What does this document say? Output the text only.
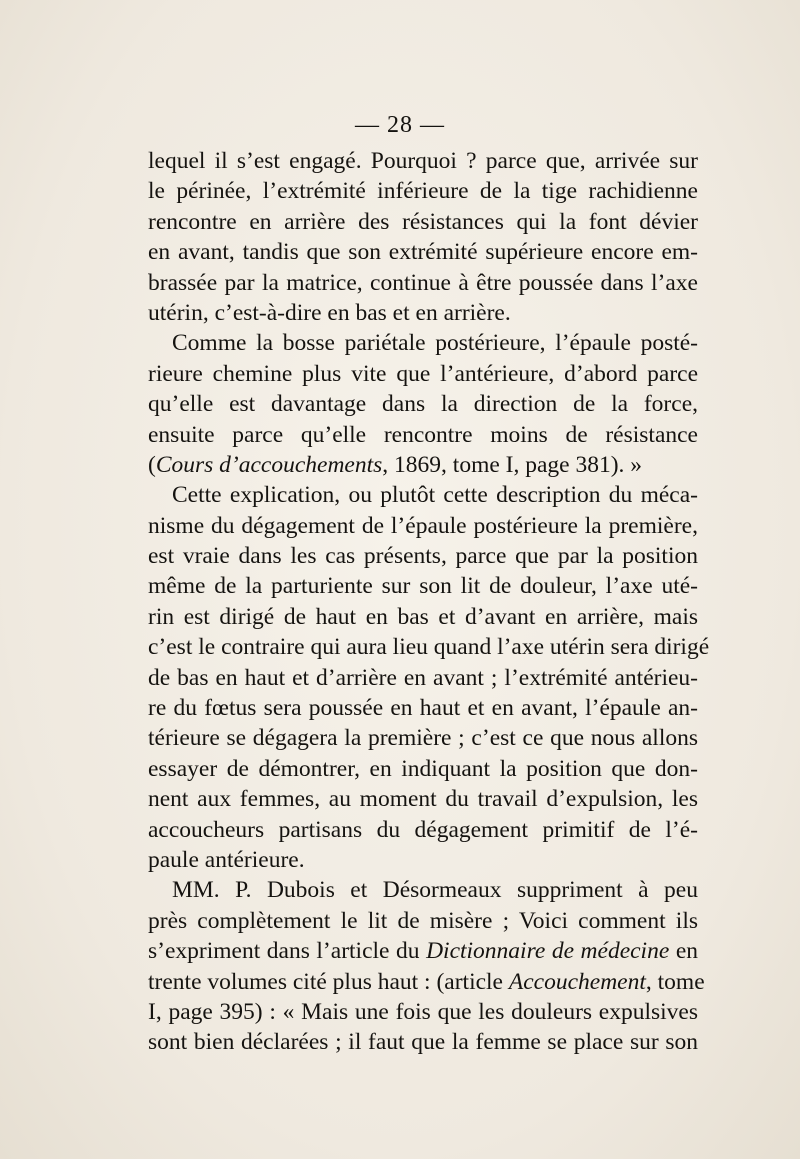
— 28 —
lequel il s’est engagé. Pourquoi ? parce que, arrivée sur
le périnée, l’extrémité inférieure de la tige rachidienne
rencontre en arrière des résistances qui la font dévier
en avant, tandis que son extrémité supérieure encore em-
brassée par la matrice, continue à être poussée dans l’axe
utérin, c’est-à-dire en bas et en arrière.
Comme la bosse pariétale postérieure, l’épaule posté-
rieure chemine plus vite que l’antérieure, d’abord parce
qu’elle est davantage dans la direction de la force,
ensuite parce qu’elle rencontre moins de résistance
(Cours d’accouchements, 1869, tome I, page 381). »
Cette explication, ou plutôt cette description du méca-
nisme du dégagement de l’épaule postérieure la première,
est vraie dans les cas présents, parce que par la position
même de la parturiente sur son lit de douleur, l’axe uté-
rin est dirigé de haut en bas et d’avant en arrière, mais
c’est le contraire qui aura lieu quand l’axe utérin sera dirigé
de bas en haut et d’arrière en avant ; l’extrémité antérieu-
re du fœtus sera poussée en haut et en avant, l’épaule an-
térieure se dégagera la première ; c’est ce que nous allons
essayer de démontrer, en indiquant la position que don-
nent aux femmes, au moment du travail d’expulsion, les
accoucheurs partisans du dégagement primitif de l’é-
paule antérieure.
MM. P. Dubois et Désormeaux suppriment à peu
près complètement le lit de misère ; Voici comment ils
s’expriment dans l’article du Dictionnaire de médecine en
trente volumes cité plus haut : (article Accouchement, tome
I, page 395) : « Mais une fois que les douleurs expulsives
sont bien déclarées ; il faut que la femme se place sur son
